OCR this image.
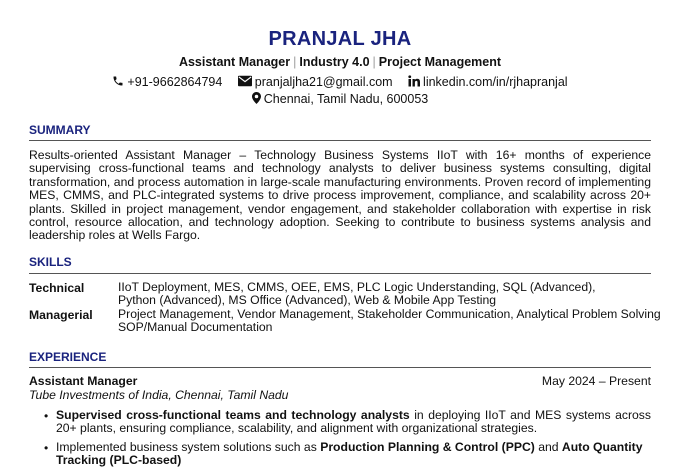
PRANJAL JHA
Assistant Manager | Industry 4.0 | Project Management
+91-9662864794	pranjaljha21@gmail.com linkedin.com/in/rjhapranjal
Chennai, Tamil Nadu, 600053
SUMMARY
Results-oriented Assistant Manager – Technology Business Systems IIoT with 16+ months of experience supervising cross-functional teams and technology analysts to deliver business systems consulting, digital transformation, and process automation in large-scale manufacturing environments. Proven record of implementing MES, CMMS, and PLC-integrated systems to drive process improvement, compliance, and scalability across 20+ plants. Skilled in project management, vendor engagement, and stakeholder collaboration with expertise in risk control, resource allocation, and technology adoption. Seeking to contribute to business systems analysis and leadership roles at Wells Fargo.
SKILLS
Technical	IIoT Deployment, MES, CMMS, OEE, EMS, PLC Logic Understanding, SQL (Advanced),
Python (Advanced), MS Office (Advanced), Web & Mobile App Testing
Managerial Project Management, Vendor Management, Stakeholder Communication, Analytical Problem Solving
SOP/Manual Documentation
EXPERIENCE
Assistant Manager	May 2024 – Present
Tube Investments of India, Chennai, Tamil Nadu
• Supervised cross-functional teams and technology analysts in deploying IIoT and MES systems across 20+ plants, ensuring compliance, scalability, and alignment with organizational strategies.
• Implemented business system solutions such as Production Planning & Control (PPC) and Auto Quantity
Tracking (PLC-based)
